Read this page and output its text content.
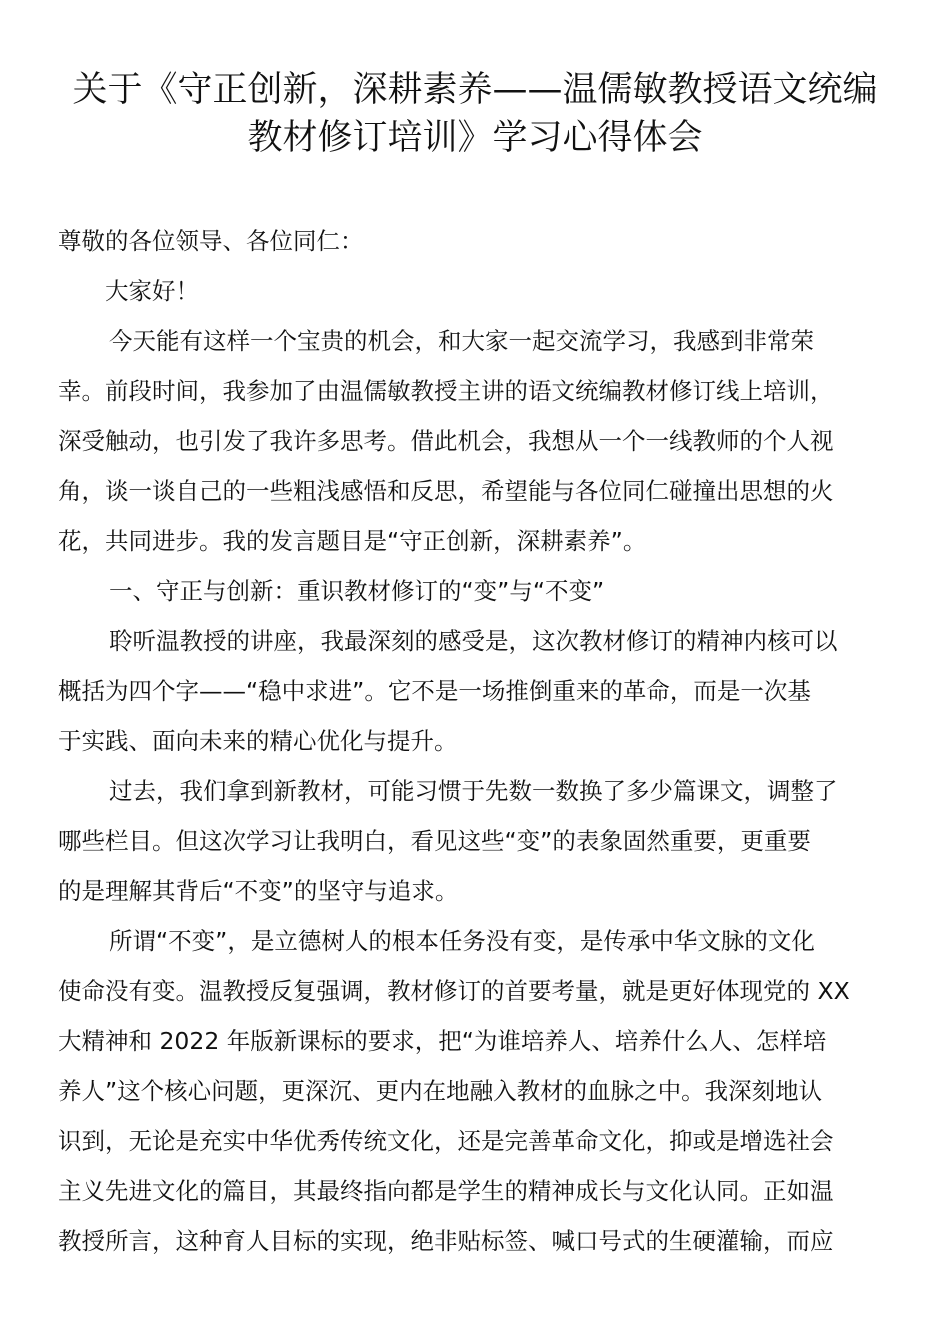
关于《守正创新，深耕素养——温儒敏教授语文统编
教材修订培训》学习心得体会

尊敬的各位领导、各位同仁：

大家好！

今天能有这样一个宝贵的机会，和大家一起交流学习，我感到非常荣
幸。前段时间，我参加了由温儒敏教授主讲的语文统编教材修订线上培训，
深受触动，也引发了我许多思考。借此机会，我想从一个一线教师的个人视
角，谈一谈自己的一些粗浅感悟和反思，希望能与各位同仁碰撞出思想的火
花，共同进步。我的发言题目是“守正创新，深耕素养”。

一、守正与创新：重识教材修订的“变”与“不变”

聆听温教授的讲座，我最深刻的感受是，这次教材修订的精神内核可以
概括为四个字——“稳中求进”。它不是一场推倒重来的革命，而是一次基
于实践、面向未来的精心优化与提升。

过去，我们拿到新教材，可能习惯于先数一数换了多少篇课文，调整了
哪些栏目。但这次学习让我明白，看见这些“变”的表象固然重要，更重要
的是理解其背后“不变”的坚守与追求。

所谓“不变”，是立德树人的根本任务没有变，是传承中华文脉的文化
使命没有变。温教授反复强调，教材修订的首要考量，就是更好体现党的 XX
大精神和 2022 年版新课标的要求，把“为谁培养人、培养什么人、怎样培
养人”这个核心问题，更深沉、更内在地融入教材的血脉之中。我深刻地认
识到，无论是充实中华优秀传统文化，还是完善革命文化，抑或是增选社会
主义先进文化的篇目，其最终指向都是学生的精神成长与文化认同。正如温
教授所言，这种育人目标的实现，绝非贴标签、喊口号式的生硬灌输，而应
